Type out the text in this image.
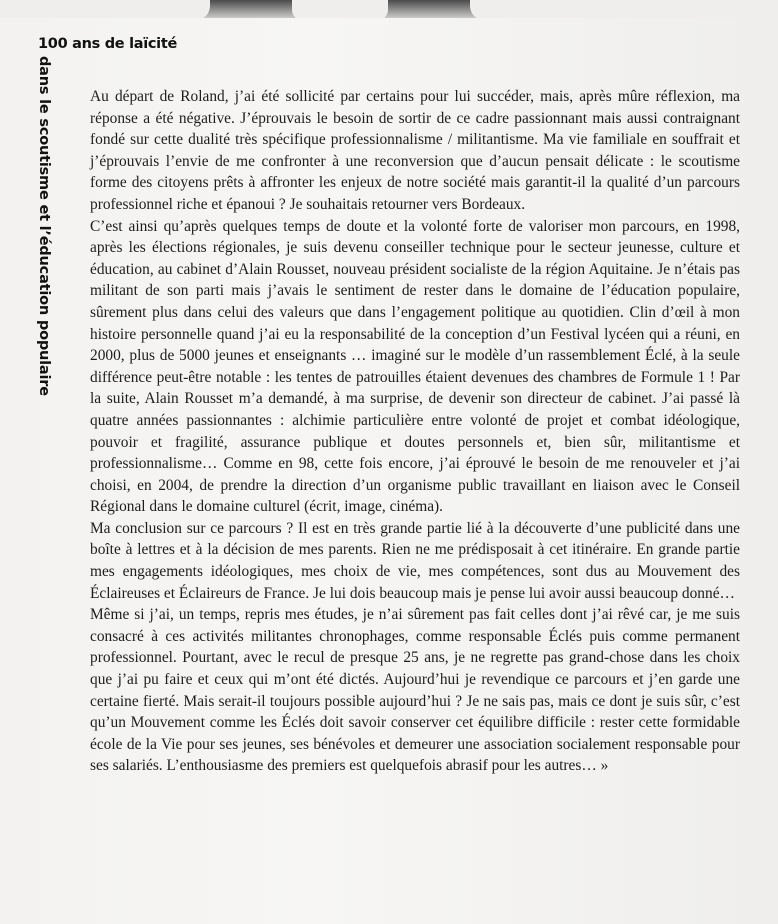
100 ans de laïcité
dans le scoutisme et l’éducation populaire Au départ de Roland, j’ai été sollicité par certains pour lui succéder, mais, après mûre réflexion, ma réponse a été négative. J’éprouvais le besoin de sortir de ce cadre passionnant mais aussi contraignant fondé sur cette dualité très spécifique professionnalisme / militantisme. Ma vie familiale en souffrait et j’éprouvais l’envie de me confronter à une reconversion que d’aucun pensait délicate : le scoutisme forme des citoyens prêts à affronter les enjeux de notre société mais garantit-il la qualité d’un parcours professionnel riche et épanoui ? Je souhaitais retourner vers Bordeaux.

C’est ainsi qu’après quelques temps de doute et la volonté forte de valoriser mon parcours, en 1998, après les élections régionales, je suis devenu conseiller technique pour le secteur jeunesse, culture et éducation, au cabinet d’Alain Rousset, nouveau président socialiste de la région Aquitaine. Je n’étais pas militant de son parti mais j’avais le sentiment de rester dans le domaine de l’éducation populaire, sûrement plus dans celui des valeurs que dans l’engagement politique au quotidien. Clin d’œil à mon histoire personnelle quand j’ai eu la responsabilité de la conception d’un Festival lycéen qui a réuni, en 2000, plus de 5000 jeunes et enseignants … imaginé sur le modèle d’un rassemblement Éclé, à la seule différence peut-être notable : les tentes de patrouilles étaient devenues des chambres de Formule 1 ! Par la suite, Alain Rousset m’a demandé, à ma surprise, de devenir son directeur de cabinet. J’ai passé là quatre années passionnantes : alchimie particulière entre volonté de projet et combat idéologique, pouvoir et fragilité, assurance publique et doutes personnels et, bien sûr, militantisme et professionnalisme… Comme en 98, cette fois encore, j’ai éprouvé le besoin de me renouveler et j’ai choisi, en 2004, de prendre la direction d’un organisme public travaillant en liaison avec le Conseil Régional dans le domaine culturel (écrit, image, cinéma).

Ma conclusion sur ce parcours ? Il est en très grande partie lié à la découverte d’une publicité dans une boîte à lettres et à la décision de mes parents. Rien ne me prédisposait à cet itinéraire. En grande partie mes engagements idéologiques, mes choix de vie, mes compétences, sont dus au Mouvement des Éclaireuses et Éclaireurs de France. Je lui dois beaucoup mais je pense lui avoir aussi beaucoup donné…

Même si j’ai, un temps, repris mes études, je n’ai sûrement pas fait celles dont j’ai rêvé car, je me suis consacré à ces activités militantes chronophages, comme responsable Éclés puis comme permanent professionnel. Pourtant, avec le recul de presque 25 ans, je ne regrette pas grand-chose dans les choix que j’ai pu faire et ceux qui m’ont été dictés. Aujourd’hui je revendique ce parcours et j’en garde une certaine fierté. Mais serait-il toujours possible aujourd’hui ? Je ne sais pas, mais ce dont je suis sûr, c’est qu’un Mouvement comme les Éclés doit savoir conserver cet équilibre difficile : rester cette formidable école de la Vie pour ses jeunes, ses bénévoles et demeurer une association socialement responsable pour ses salariés. L’enthousiasme des premiers est quelquefois abrasif pour les autres… »
